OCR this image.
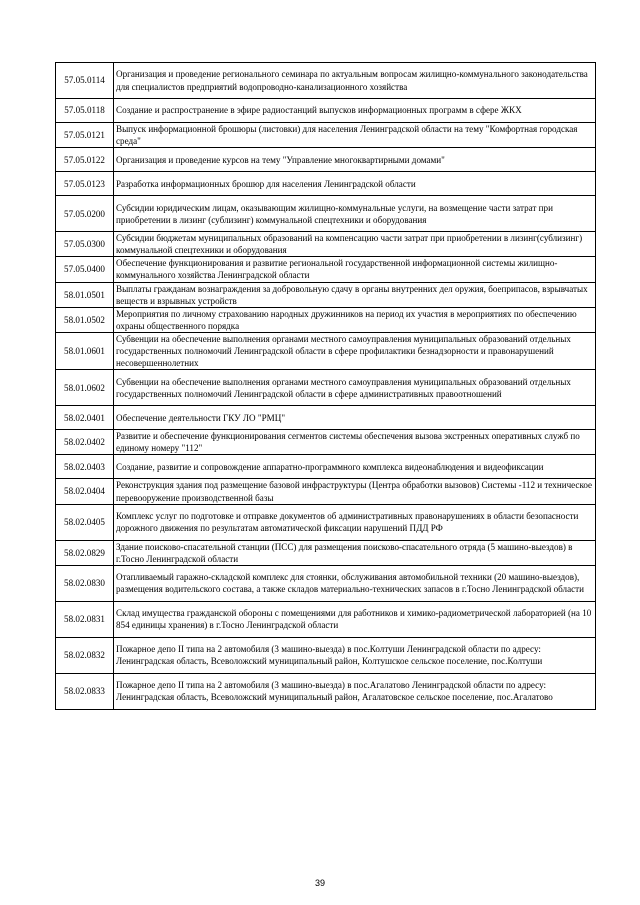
57.05.0114	Организация и проведение регионального семинара по актуальным вопросам жилищно-коммунального законодательства для специалистов предприятий водопроводно-канализационного хозяйства
57.05.0118	Создание и распространение в эфире радиостанций выпусков информационных программ в сфере ЖКХ
57.05.0121	Выпуск информационной брошюры (листовки) для населения Ленинградской области на тему "Комфортная городская среда"
57.05.0122	Организация и проведение курсов на тему "Управление многоквартирными домами"
57.05.0123	Разработка информационных брошюр для населения Ленинградской области
57.05.0200	Субсидии юридическим лицам, оказывающим жилищно-коммунальные услуги, на возмещение части затрат при приобретении в лизинг (сублизинг) коммунальной спецтехники и оборудования
57.05.0300	Субсидии бюджетам муниципальных образований на компенсацию части затрат при приобретении в лизинг(сублизинг) коммунальной спецтехники и оборудования
57.05.0400	Обеспечение функционирования и развитие региональной государственной информационной системы жилищно-коммунального хозяйства Ленинградской области
58.01.0501	Выплаты гражданам вознаграждения за добровольную сдачу в органы внутренних дел оружия, боеприпасов, взрывчатых веществ и взрывных устройств
58.01.0502	Мероприятия по личному страхованию народных дружинников на период их участия в мероприятиях по обеспечению охраны общественного порядка
58.01.0601	Субвенции на обеспечение выполнения органами местного самоуправления муниципальных образований отдельных государственных полномочий Ленинградской области в сфере профилактики безнадзорности и правонарушений несовершеннолетних
58.01.0602	Субвенции на обеспечение выполнения органами местного самоуправления муниципальных образований отдельных государственных полномочий Ленинградской области в сфере административных правоотношений
58.02.0401	Обеспечение деятельности ГКУ ЛО "РМЦ"
58.02.0402	Развитие и обеспечение функционирования сегментов системы обеспечения вызова экстренных оперативных служб по единому номеру "112"
58.02.0403	Создание, развитие и сопровождение аппаратно-программного комплекса видеонаблюдения и видеофиксации
58.02.0404	Реконструкция здания под размещение базовой инфраструктуры (Центра обработки вызовов) Системы -112 и техническое перевооружение производственной базы
58.02.0405	Комплекс услуг по подготовке и отправке документов об административных правонарушениях в области безопасности дорожного движения по результатам автоматической фиксации нарушений ПДД РФ
58.02.0829	Здание поисково-спасательной станции (ПСС) для размещения поисково-спасательного отряда (5 машино-выездов) в г.Тосно Ленинградской области
58.02.0830	Отапливаемый гаражно-складской комплекс для стоянки, обслуживания автомобильной техники (20 машино-выездов), размещения водительского состава, а также складов материально-технических запасов в г.Тосно Ленинградской области
58.02.0831	Склад имущества гражданской обороны с помещениями для работников и химико-радиометрической лабораторией (на 10 854 единицы хранения) в г.Тосно Ленинградской области
58.02.0832	Пожарное депо II типа на 2 автомобиля (3 машино-выезда) в пос.Колтуши Ленинградской области по адресу: Ленинградская область, Всеволожский муниципальный район, Колтушское сельское поселение, пос.Колтуши
58.02.0833	Пожарное депо II типа на 2 автомобиля (3 машино-выезда) в пос.Агалатово Ленинградской области по адресу: Ленинградская область, Всеволожский муниципальный район, Агалатовское сельское поселение, пос.Агалатово
39
